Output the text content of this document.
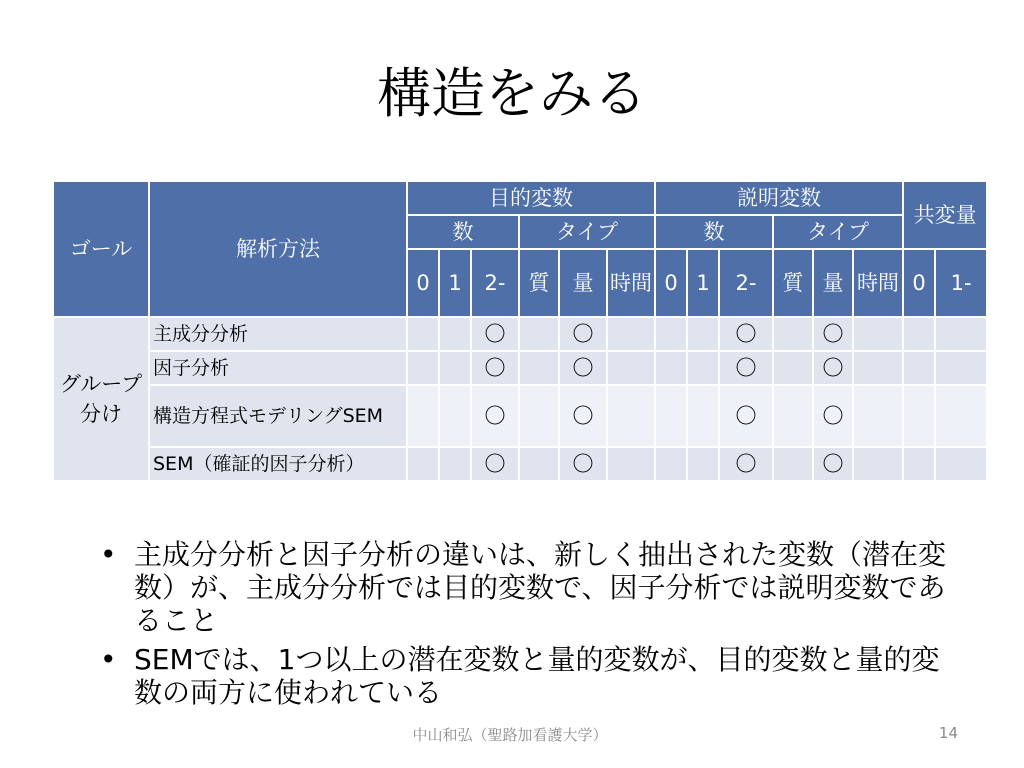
構造をみる
ゴール	解析方法	目的変数						説明変数						共変量	
		数			タイプ			数			タイプ				
		0	1	2-	質	量	時間	0	1	2-	質	量	時間	0	1-
グループ分け	主成分分析			〇		〇				〇		〇			
	因子分析			〇		〇				〇		〇			
	構造方程式モデリングSEM			〇		〇				〇		〇			
	SEM（確証的因子分析）			〇		〇				〇		〇			
• 主成分分析と因子分析の違いは、新しく抽出された変数（潜在変数）が、主成分分析では目的変数で、因子分析では説明変数であること
• SEMでは、1つ以上の潜在変数と量的変数が、目的変数と量的変数の両方に使われている
中山和弘（聖路加看護大学）	14
